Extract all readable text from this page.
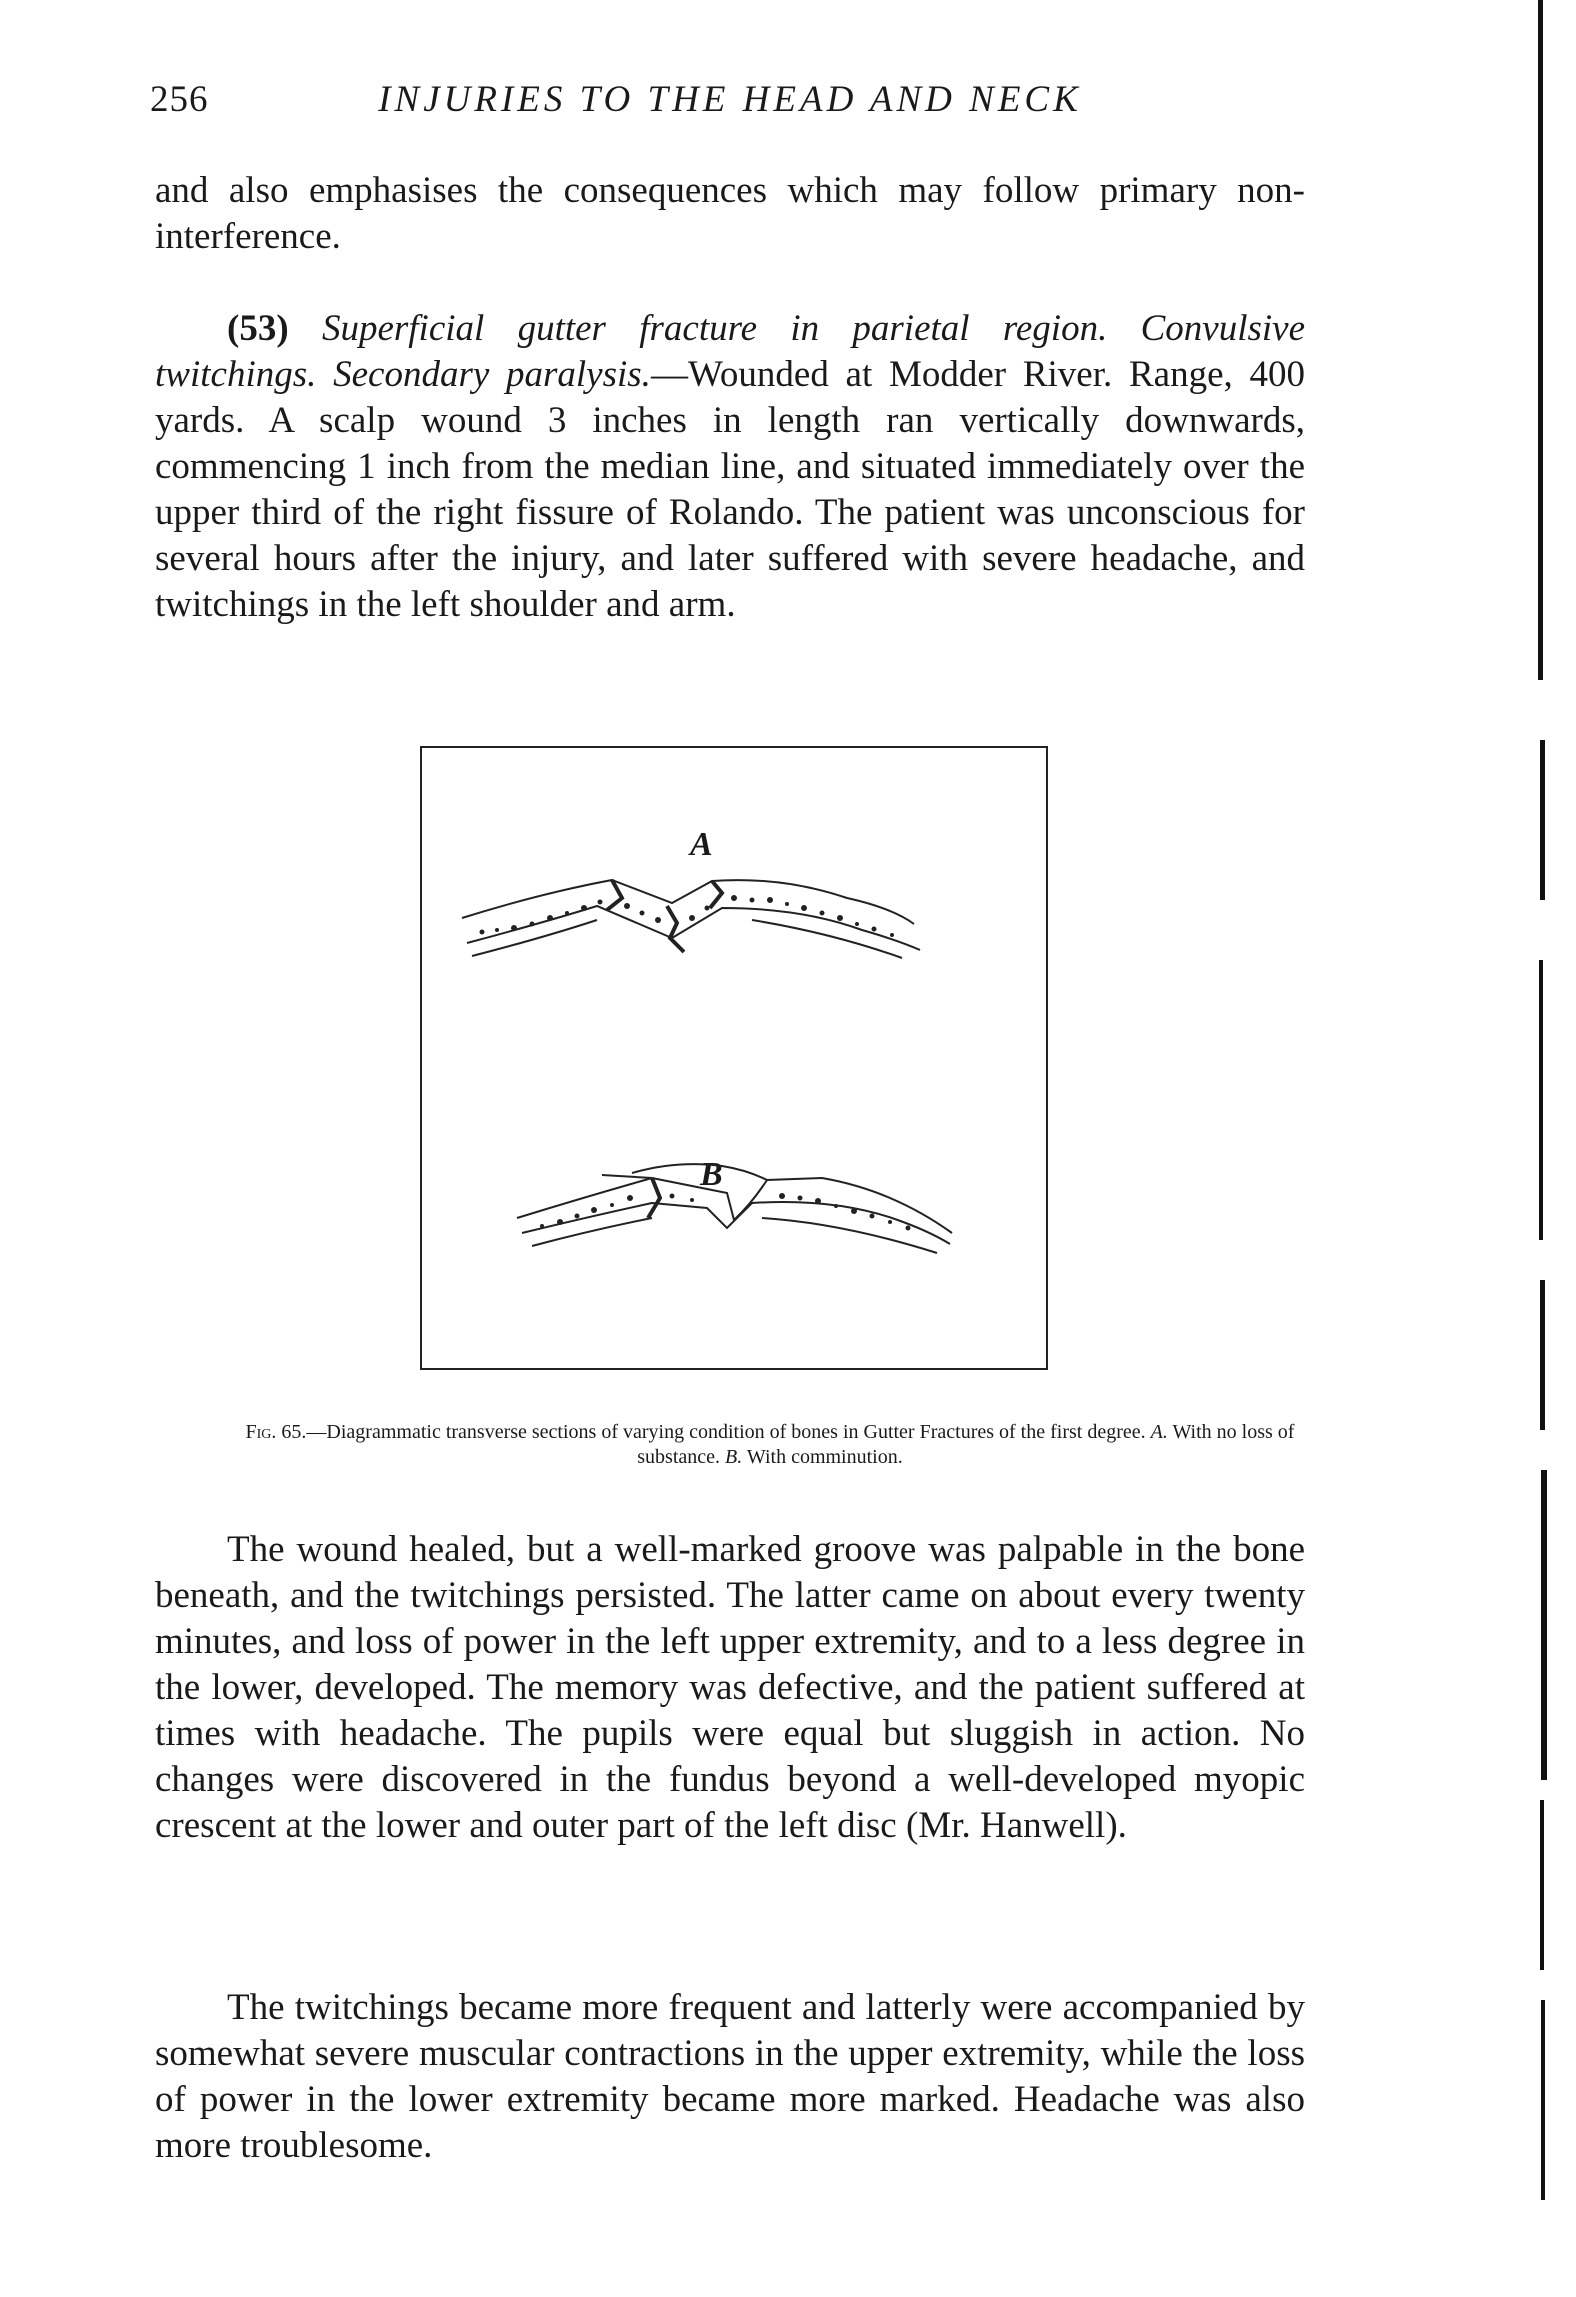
256	INJURIES TO THE HEAD AND NECK

and also emphasises the consequences which may follow primary non-interference.

(53) Superficial gutter fracture in parietal region. Convulsive twitchings. Secondary paralysis.—Wounded at Modder River. Range, 400 yards. A scalp wound 3 inches in length ran vertically downwards, commencing 1 inch from the median line, and situated immediately over the upper third of the right fissure of Rolando. The patient was unconscious for several hours after the injury, and later suffered with severe headache, and twitchings in the left shoulder and arm.

A
B
Fig. 65.—Diagrammatic transverse sections of varying condition of bones in Gutter Fractures of the first degree. A. With no loss of substance. B. With comminution.

The wound healed, but a well-marked groove was palpable in the bone beneath, and the twitchings persisted. The latter came on about every twenty minutes, and loss of power in the left upper extremity, and to a less degree in the lower, developed. The memory was defective, and the patient suffered at times with headache. The pupils were equal but sluggish in action. No changes were discovered in the fundus beyond a well-developed myopic crescent at the lower and outer part of the left disc (Mr. Hanwell).

The twitchings became more frequent and latterly were accompanied by somewhat severe muscular contractions in the upper extremity, while the loss of power in the lower extremity became more marked. Headache was also more troublesome.
